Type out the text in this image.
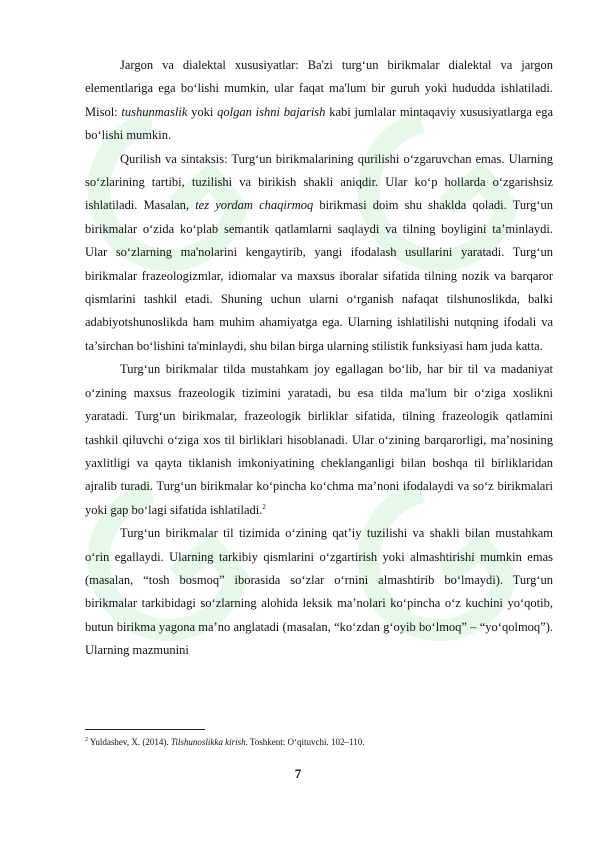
Jargon va dialektal xususiyatlar: Ba'zi turg‘un birikmalar dialektal va jargon elementlariga ega bo‘lishi mumkin, ular faqat ma'lum bir guruh yoki hududda ishlatiladi. Misol: tushunmaslik yoki qolgan ishni bajarish kabi jumlalar mintaqaviy xususiyatlarga ega bo‘lishi mumkin.

Qurilish va sintaksis: Turg‘un birikmalarining qurilishi o‘zgaruvchan emas. Ularning so‘zlarining tartibi, tuzilishi va birikish shakli aniqdir. Ular ko‘p hollarda o‘zgarishsiz ishlatiladi. Masalan, tez yordam chaqirmoq birikmasi doim shu shaklda qoladi. Turg‘un birikmalar o‘zida ko‘plab semantik qatlamlarni saqlaydi va tilning boyligini ta’minlaydi. Ular so‘zlarning ma'nolarini kengaytirib, yangi ifodalash usullarini yaratadi. Turg‘un birikmalar frazeologizmlar, idiomalar va maxsus iboralar sifatida tilning nozik va barqaror qismlarini tashkil etadi. Shuning uchun ularni o‘rganish nafaqat tilshunoslikda, balki adabiyotshunoslikda ham muhim ahamiyatga ega. Ularning ishlatilishi nutqning ifodali va ta’sirchan bo‘lishini ta'minlaydi, shu bilan birga ularning stilistik funksiyasi ham juda katta.

Turg‘un birikmalar tilda mustahkam joy egallagan bo‘lib, har bir til va madaniyat o‘zining maxsus frazeologik tizimini yaratadi, bu esa tilda ma'lum bir o‘ziga xoslikni yaratadi. Turg‘un birikmalar, frazeologik birliklar sifatida, tilning frazeologik qatlamini tashkil qiluvchi o‘ziga xos til birliklari hisoblanadi. Ular o‘zining barqarorligi, ma’nosining yaxlitligi va qayta tiklanish imkoniyatining cheklanganligi bilan boshqa til birliklaridan ajralib turadi. Turg‘un birikmalar ko‘pincha ko‘chma ma’noni ifodalaydi va so‘z birikmalari yoki gap bo‘lagi sifatida ishlatiladi.$^2$

Turg‘un birikmalar til tizimida o‘zining qat’iy tuzilishi va shakli bilan mustahkam o‘rin egallaydi. Ularning tarkibiy qismlarini o‘zgartirish yoki almashtirishi mumkin emas (masalan, “tosh bosmoq” iborasida so‘zlar o‘rnini almashtirib bo‘lmaydi). Turg‘un birikmalar tarkibidagi so‘zlarning alohida leksik ma’nolari ko‘pincha o‘z kuchini yo‘qotib, butun birikma yagona ma’no anglatadi (masalan, “ko‘zdan g‘oyib bo‘lmoq” – “yo‘qolmoq”). Ularning mazmunini

$^2$ Yuldashev, X. (2014). Tilshunoslikka kirish. Toshkent: O‘qituvchi. 102–110.
7
